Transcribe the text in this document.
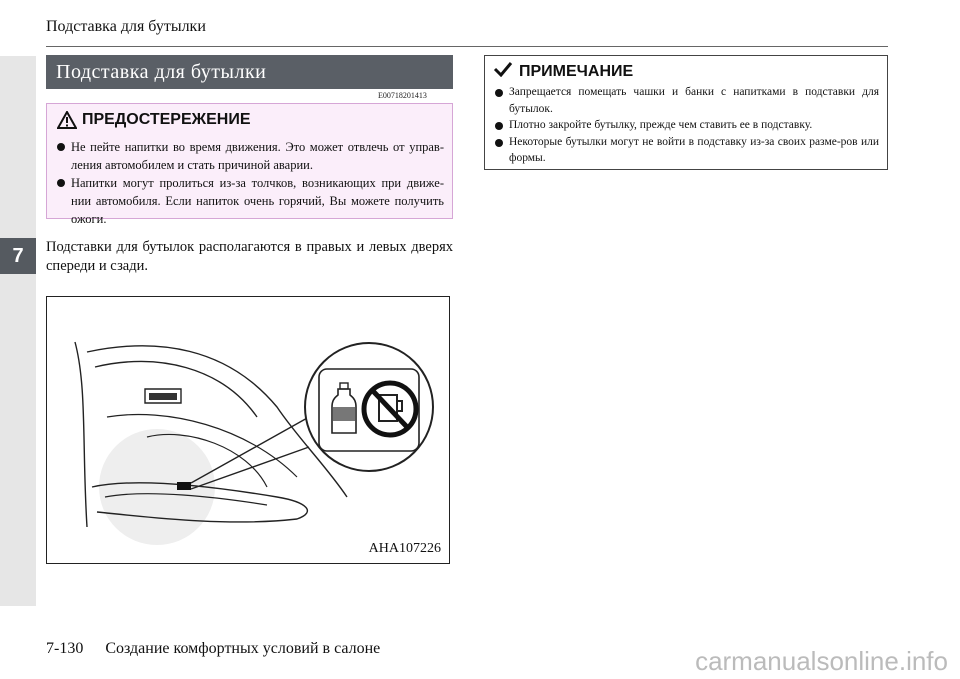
7
Подставка для бутылки
Подставка для бутылки
E00718201413
ПРЕДОСТЕРЕЖЕНИЕ
Не пейте напитки во время движения. Это может отвлечь от управ-ления автомобилем и стать причиной аварии.
Напитки могут пролиться из-за толчков, возникающих при движе-нии автомобиля. Если напиток очень горячий, Вы можете получить ожоги.
Подставки для бутылок располагаются в правых и левых дверях спереди и сзади.
AHA107226
ПРИМЕЧАНИЕ
Запрещается помещать чашки и банки с напитками в подставки для бутылок.
Плотно закройте бутылку, прежде чем ставить ее в подставку.
Некоторые бутылки могут не войти в подставку из-за своих разме-ров или формы.
7-130 Создание комфортных условий в салоне	carmanualsonline.info
